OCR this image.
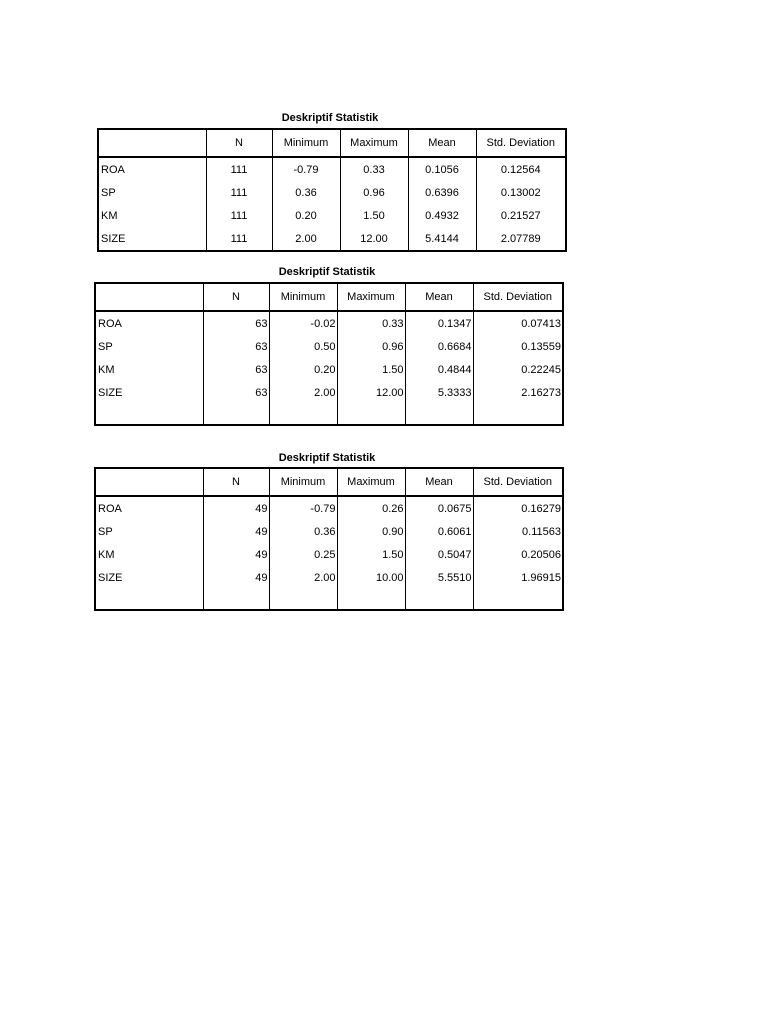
Deskriptif Statistik
	N	Minimum	Maximum	Mean	Std. Deviation
ROA	111	-0.79	0.33	0.1056	0.12564
SP	111	0.36	0.96	0.6396	0.13002
KM	111	0.20	1.50	0.4932	0.21527
SIZE	111	2.00	12.00	5.4144	2.07789
Deskriptif Statistik
	N	Minimum	Maximum	Mean	Std. Deviation
ROA	63	-0.02	0.33	0.1347	0.07413
SP	63	0.50	0.96	0.6684	0.13559
KM	63	0.20	1.50	0.4844	0.22245
SIZE	63	2.00	12.00	5.3333	2.16273

Deskriptif Statistik
	N	Minimum	Maximum	Mean	Std. Deviation
ROA	49	-0.79	0.26	0.0675	0.16279
SP	49	0.36	0.90	0.6061	0.11563
KM	49	0.25	1.50	0.5047	0.20506
SIZE	49	2.00	10.00	5.5510	1.96915
